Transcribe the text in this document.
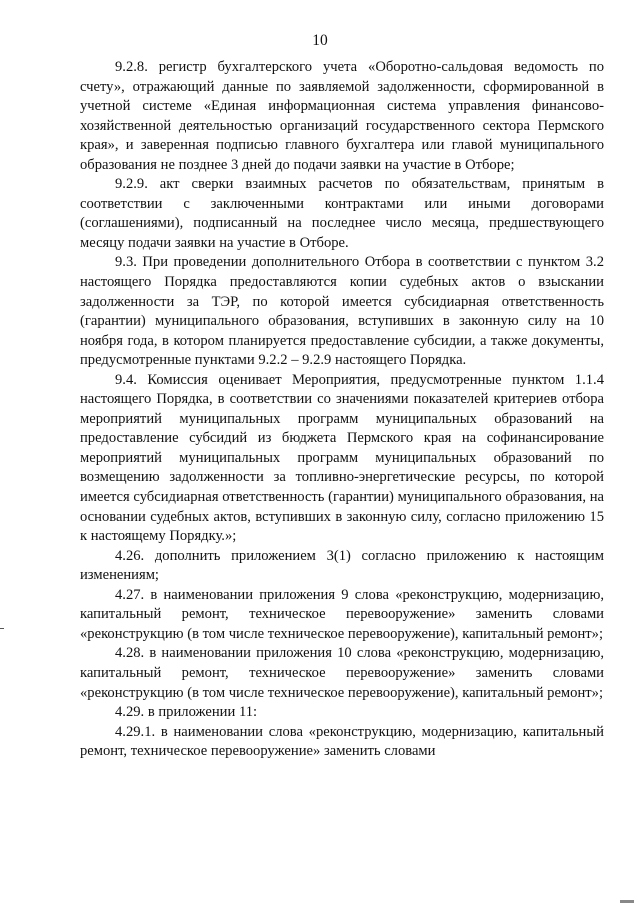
10

9.2.8. регистр бухгалтерского учета «Оборотно-сальдовая ведомость по счету», отражающий данные по заявляемой задолженности, сформированной в учетной системе «Единая информационная система управления финансово-хозяйственной деятельностью организаций государственного сектора Пермского края», и заверенная подписью главного бухгалтера или главой муниципального образования не позднее 3 дней до подачи заявки на участие в Отборе;

9.2.9. акт сверки взаимных расчетов по обязательствам, принятым в соответствии с заключенными контрактами или иными договорами (соглашениями), подписанный на последнее число месяца, предшествующего месяцу подачи заявки на участие в Отборе.

9.3. При проведении дополнительного Отбора в соответствии с пунктом 3.2 настоящего Порядка предоставляются копии судебных актов о взыскании задолженности за ТЭР, по которой имеется субсидиарная ответственность (гарантии) муниципального образования, вступивших в законную силу на 10 ноября года, в котором планируется предоставление субсидии, а также документы, предусмотренные пунктами 9.2.2 – 9.2.9 настоящего Порядка.

9.4. Комиссия оценивает Мероприятия, предусмотренные пунктом 1.1.4 настоящего Порядка, в соответствии со значениями показателей критериев отбора мероприятий муниципальных программ муниципальных образований на предоставление субсидий из бюджета Пермского края на софинансирование мероприятий муниципальных программ муниципальных образований по возмещению задолженности за топливно-энергетические ресурсы, по которой имеется субсидиарная ответственность (гарантии) муниципального образования, на основании судебных актов, вступивших в законную силу, согласно приложению 15 к настоящему Порядку.»;

4.26. дополнить приложением 3(1) согласно приложению к настоящим изменениям;

4.27. в наименовании приложения 9 слова «реконструкцию, модернизацию, капитальный ремонт, техническое перевооружение» заменить словами «реконструкцию (в том числе техническое перевооружение), капитальный ремонт»;

4.28. в наименовании приложения 10 слова «реконструкцию, модернизацию, капитальный ремонт, техническое перевооружение» заменить словами «реконструкцию (в том числе техническое перевооружение), капитальный ремонт»;

4.29. в приложении 11:

4.29.1. в наименовании слова «реконструкцию, модернизацию, капитальный ремонт, техническое перевооружение» заменить словами
